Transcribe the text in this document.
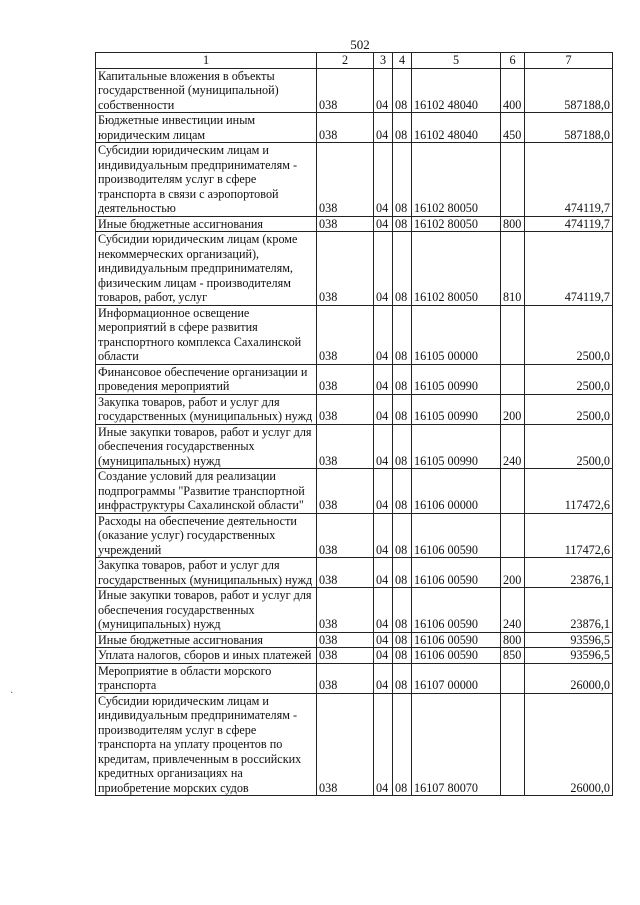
502
1	2	3	4	5	6	7
Капитальные вложения в объекты государственной (муниципальной) собственности	038	04	08	16102 48040	400	587188,0
Бюджетные инвестиции иным юридическим лицам	038	04	08	16102 48040	450	587188,0
Субсидии юридическим лицам и индивидуальным предпринимателям - производителям услуг в сфере транспорта в связи с аэропортовой деятельностью	038	04	08	16102 80050		474119,7
Иные бюджетные ассигнования	038	04	08	16102 80050	800	474119,7
Субсидии юридическим лицам (кроме некоммерческих организаций), индивидуальным предпринимателям, физическим лицам - производителям товаров, работ, услуг	038	04	08	16102 80050	810	474119,7
Информационное освещение мероприятий в сфере развития транспортного комплекса Сахалинской области	038	04	08	16105 00000		2500,0
Финансовое обеспечение организации и проведения мероприятий	038	04	08	16105 00990		2500,0
Закупка товаров, работ и услуг для государственных (муниципальных) нужд	038	04	08	16105 00990	200	2500,0
Иные закупки товаров, работ и услуг для обеспечения государственных (муниципальных) нужд	038	04	08	16105 00990	240	2500,0
Создание условий для реализации подпрограммы "Развитие транспортной инфраструктуры Сахалинской области"	038	04	08	16106 00000		117472,6
Расходы на обеспечение деятельности (оказание услуг) государственных учреждений	038	04	08	16106 00590		117472,6
Закупка товаров, работ и услуг для государственных (муниципальных) нужд	038	04	08	16106 00590	200	23876,1
Иные закупки товаров, работ и услуг для обеспечения государственных (муниципальных) нужд	038	04	08	16106 00590	240	23876,1
Иные бюджетные ассигнования	038	04	08	16106 00590	800	93596,5
Уплата налогов, сборов и иных платежей	038	04	08	16106 00590	850	93596,5
Мероприятие в области морского транспорта	038	04	08	16107 00000		26000,0
Субсидии юридическим лицам и индивидуальным предпринимателям - производителям услуг в сфере транспорта на уплату процентов по кредитам, привлеченным в российских кредитных организациях на приобретение морских судов	038	04	08	16107 80070		26000,0
·
